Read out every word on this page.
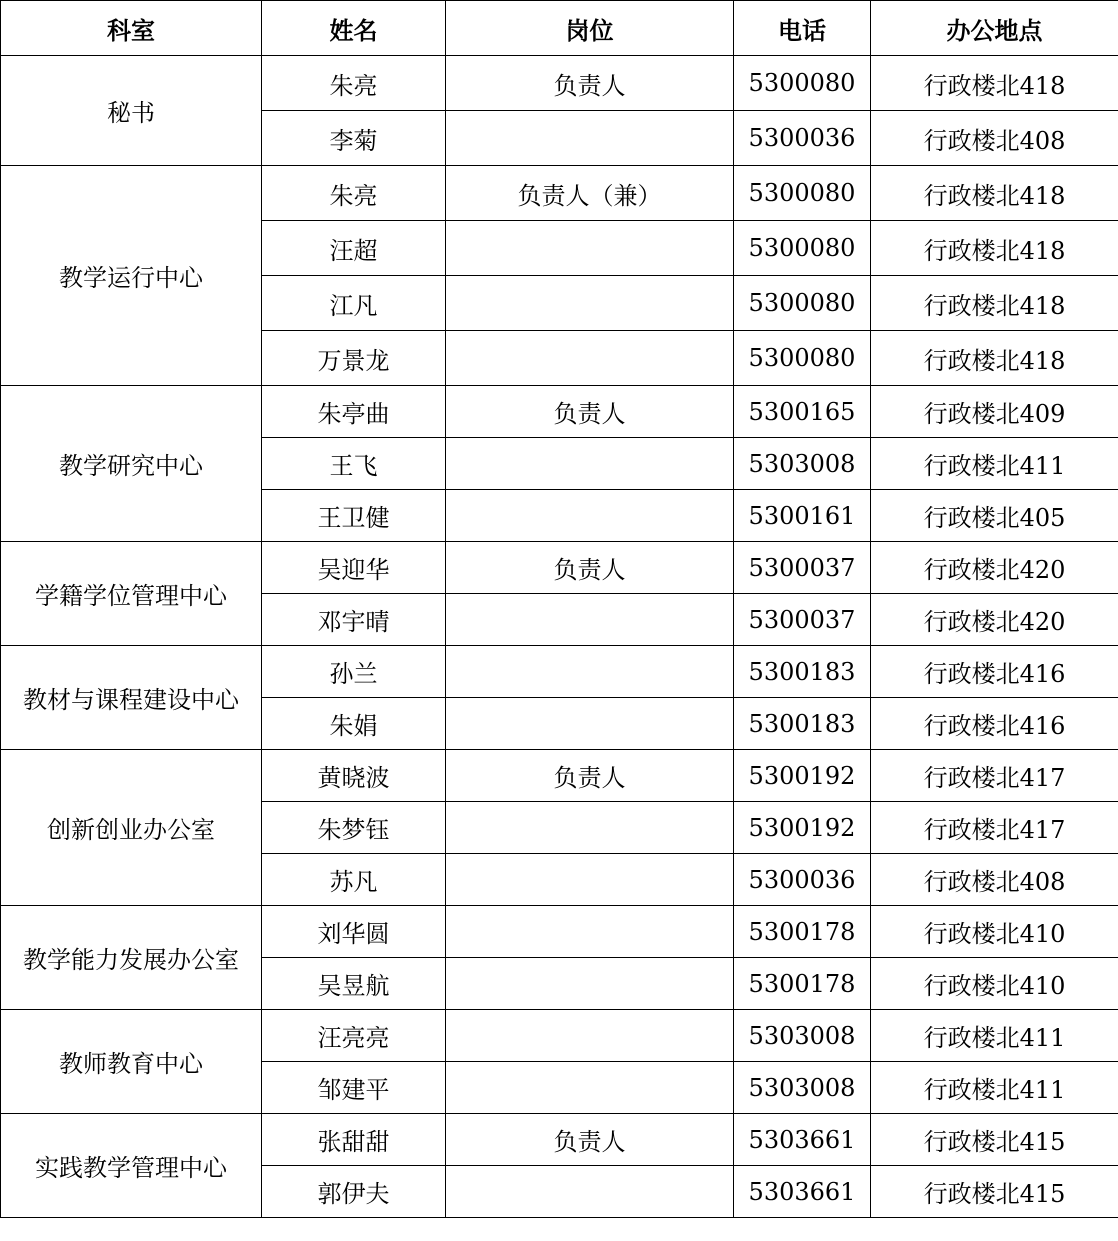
科室	姓名	岗位	电话	办公地点
秘书	朱亮	负责人	5300080	行政楼北418
	李菊		5300036	行政楼北408
教学运行中心	朱亮	负责人（兼）	5300080	行政楼北418
	汪超		5300080	行政楼北418
	江凡		5300080	行政楼北418
	万景龙		5300080	行政楼北418
教学研究中心	朱亭曲	负责人	5300165	行政楼北409
	王飞		5303008	行政楼北411
	王卫健		5300161	行政楼北405
学籍学位管理中心	吴迎华	负责人	5300037	行政楼北420
	邓宇晴		5300037	行政楼北420
教材与课程建设中心	孙兰		5300183	行政楼北416
	朱娟		5300183	行政楼北416
创新创业办公室	黄晓波	负责人	5300192	行政楼北417
	朱梦钰		5300192	行政楼北417
	苏凡		5300036	行政楼北408
教学能力发展办公室	刘华圆		5300178	行政楼北410
	吴昱航		5300178	行政楼北410
教师教育中心	汪亮亮		5303008	行政楼北411
	邹建平		5303008	行政楼北411
实践教学管理中心	张甜甜	负责人	5303661	行政楼北415
	郭伊夫		5303661	行政楼北415
